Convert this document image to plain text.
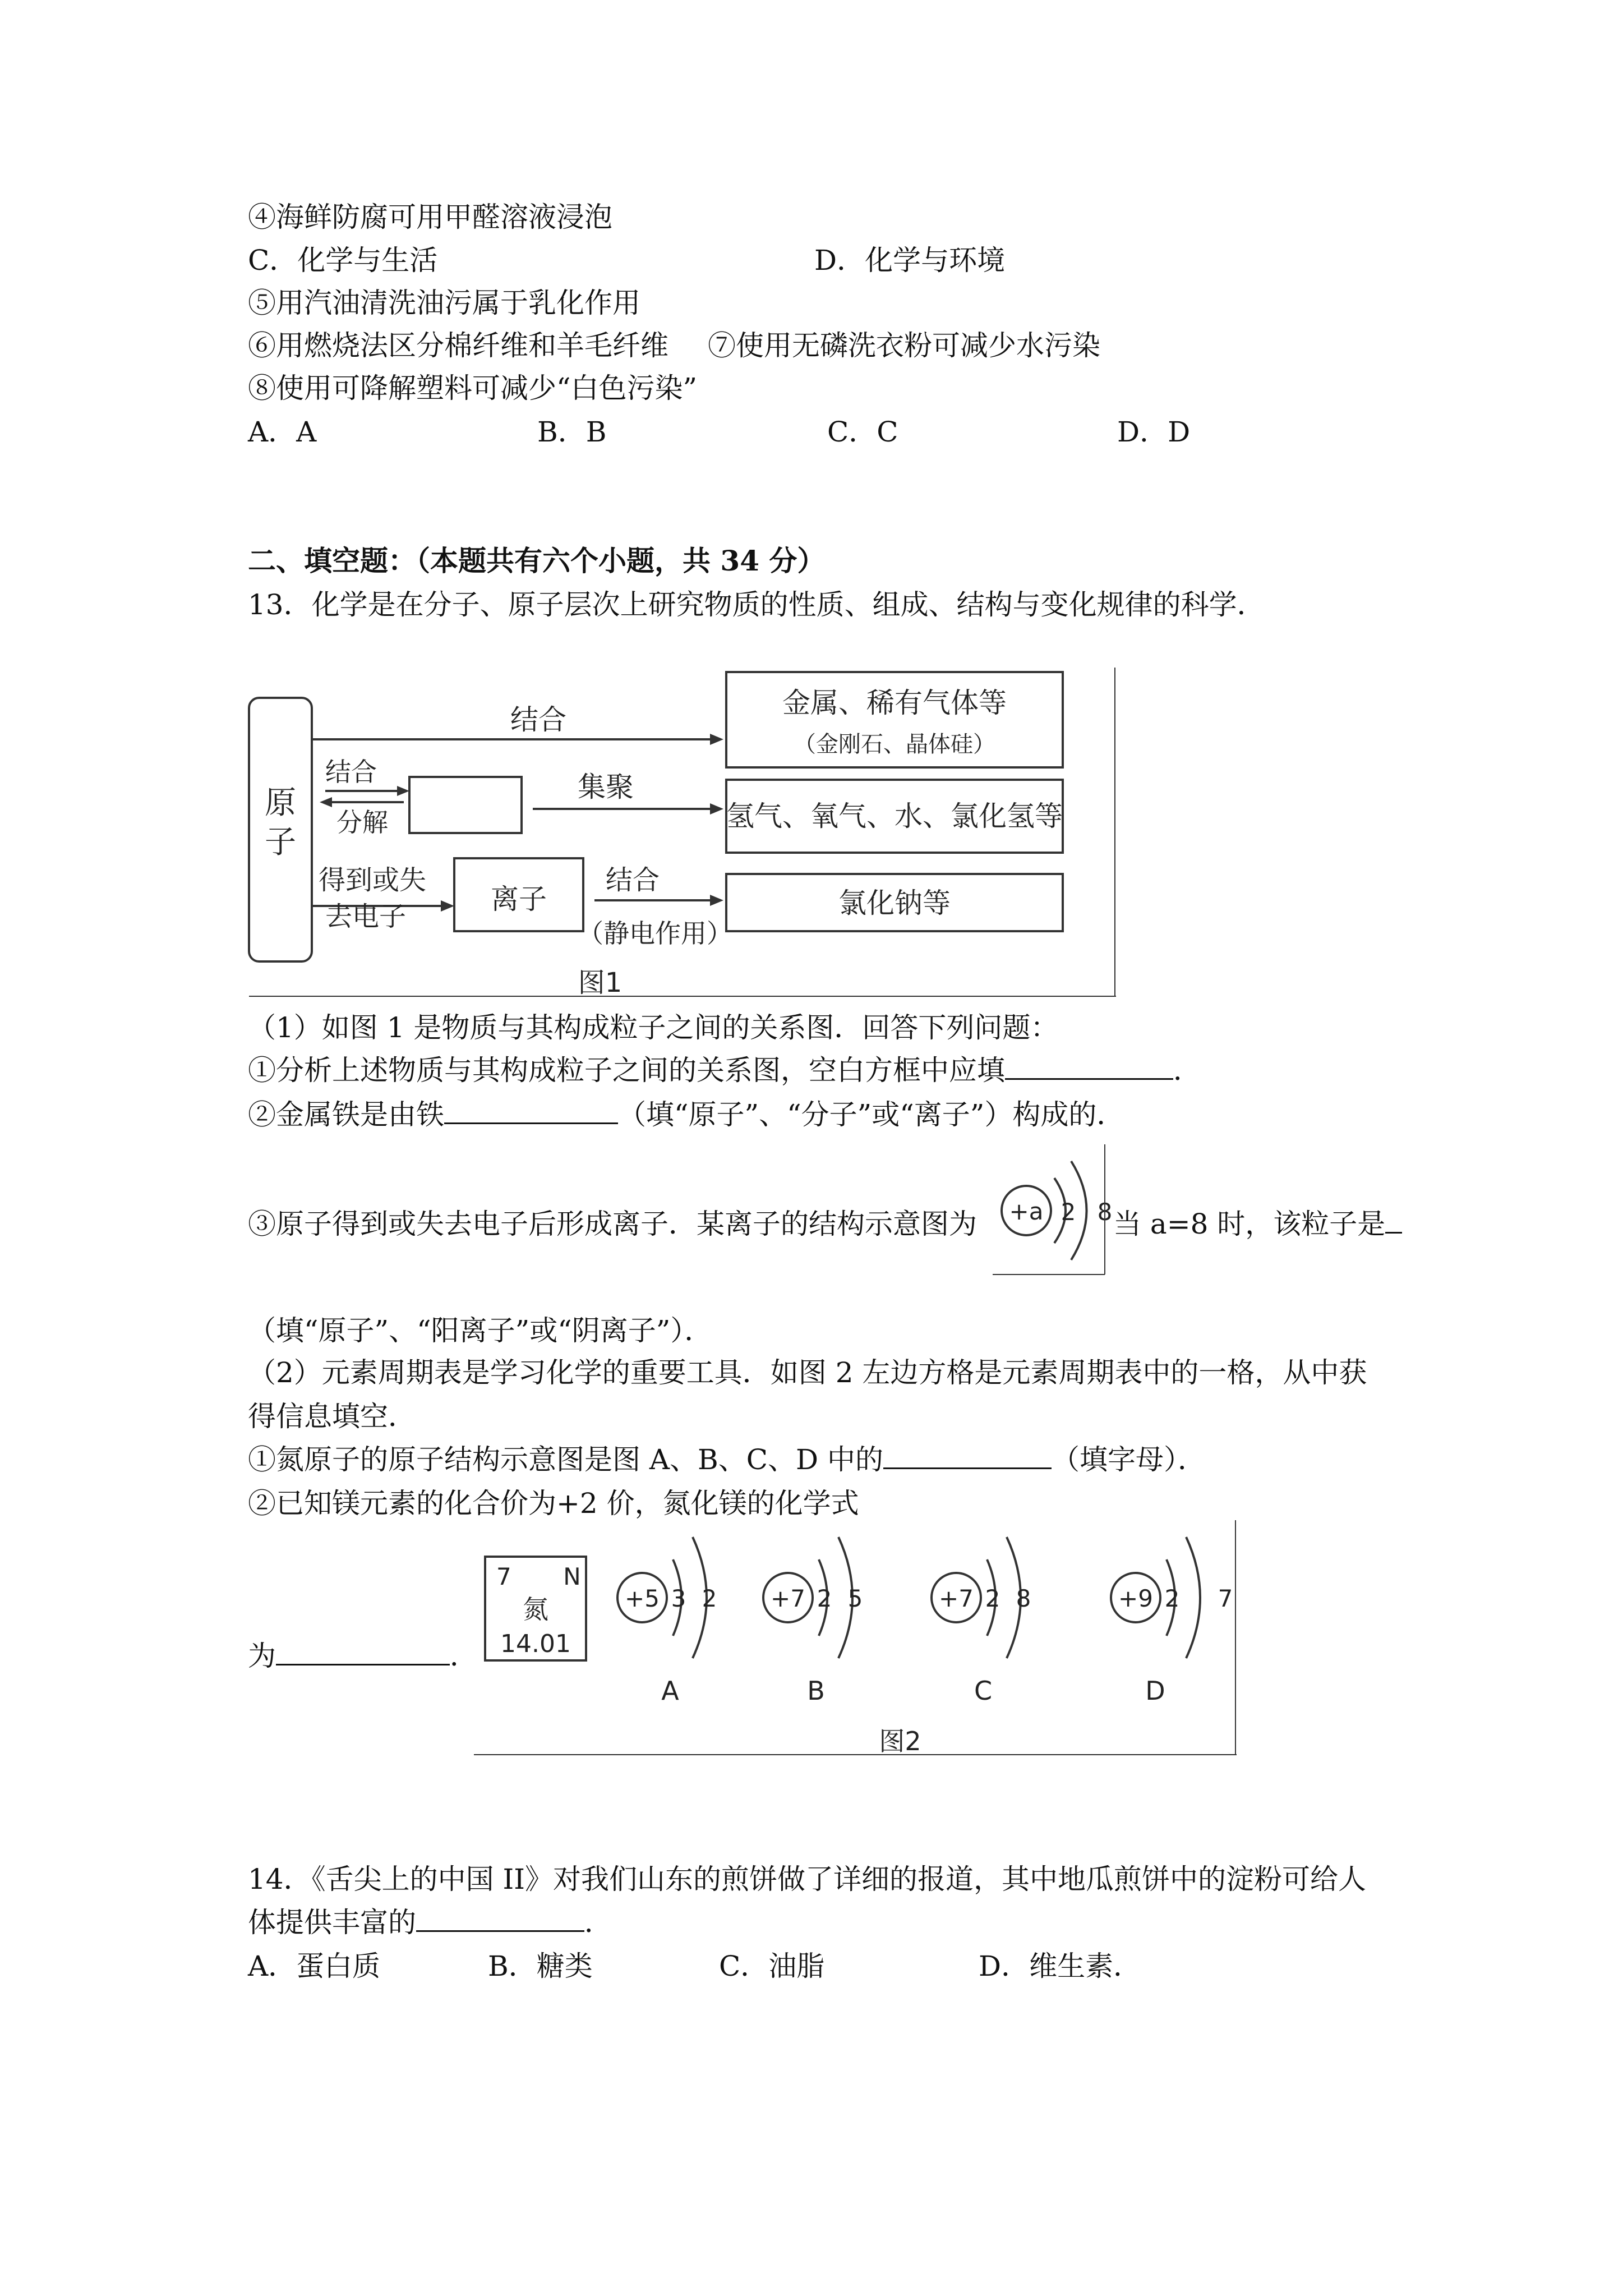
④海鲜防腐可用甲醛溶液浸泡
C．化学与生活	D．化学与环境
⑤用汽油清洗油污属于乳化作用
⑥用燃烧法区分棉纤维和羊毛纤维 ⑦使用无磷洗衣粉可减少水污染
⑧使用可降解塑料可减少“白色污染”
A．A	B．B	C．C	D．D
二、填空题：（本题共有六个小题，共 34 分）
13．化学是在分子、原子层次上研究物质的性质、组成、结构与变化规律的科学．
原
子
结合
结合
分解
集聚
得到或失
去电子
离子
结合
（静电作用）
金属、稀有气体等
（金刚石、晶体硅）
氢气、氧气、水、氯化氢等
氯化钠等
图1
（1）如图 1 是物质与其构成粒子之间的关系图．回答下列问题：
①分析上述物质与其构成粒子之间的关系图，空白方框中应填	．
②金属铁是由铁	（填“原子”、“分子”或“离子”）构成的．
③原子得到或失去电子后形成离子．某离子的结构示意图为 +a 2 8 当 a=8 时，该粒子是
（填“原子”、“阳离子”或“阴离子”）．
（2）元素周期表是学习化学的重要工具．如图 2 左边方格是元素周期表中的一格，从中获
得信息填空．
①氮原子的原子结构示意图是图 A、B、C、D 中的	（填字母）．
②已知镁元素的化合价为+2 价，氮化镁的化学式
7 N
氮
14.01
+5 3 2
A
+7 2 5
B
+7 2 8
C
+9 2 7
D
图2
为	．
14．《舌尖上的中国 II》对我们山东的煎饼做了详细的报道，其中地瓜煎饼中的淀粉可给人
体提供丰富的	．
A．蛋白质	B．糖类	C．油脂	D．维生素．
